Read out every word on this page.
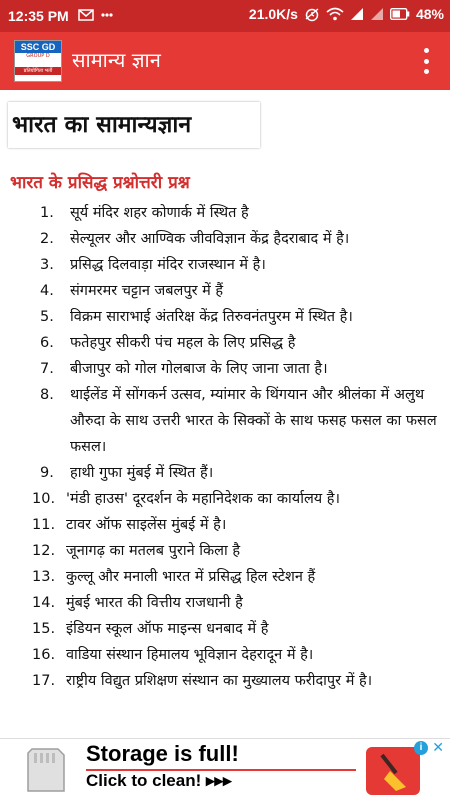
12:35 PM	21.0K/s	48%
SSC GD
GROUP D
प्रतियोगिता भर्ती सामान्य ज्ञान
भारत का सामान्यज्ञान
भारत के प्रसिद्ध प्रश्नोत्तरी प्रश्न
1. सूर्य मंदिर शहर कोणार्क में स्थित है
2. सेल्यूलर और आण्विक जीवविज्ञान केंद्र हैदराबाद में है।
3. प्रसिद्ध दिलवाड़ा मंदिर राजस्थान में है।
4. संगमरमर चट्टान जबलपुर में हैं
5. विक्रम साराभाई अंतरिक्ष केंद्र तिरुवनंतपुरम में स्थित है।
6. फतेहपुर सीकरी पंच महल के लिए प्रसिद्ध है
7. बीजापुर को गोल गोलबाज के लिए जाना जाता है।
8. थाईलेंड में सोंगकर्न उत्सव, म्यांमार के थिंगयान और श्रीलंका में अलुथ औरुदा के साथ उत्तरी भारत के सिक्कों के साथ फसह फसल का फसल फसल।
9. हाथी गुफा मुंबई में स्थित हैं।
10. 'मंडी हाउस' दूरदर्शन के महानिदेशक का कार्यालय है।
11. टावर ऑफ साइलेंस मुंबई में है।
12. जूनागढ़ का मतलब पुराने किला है
13. कुल्लू और मनाली भारत में प्रसिद्ध हिल स्टेशन हैं
14. मुंबई भारत की वित्तीय राजधानी है
15. इंडियन स्कूल ऑफ माइन्स धनबाद में है
16. वाडिया संस्थान हिमालय भूविज्ञान देहरादून में है।
17. राष्ट्रीय विद्युत प्रशिक्षण संस्थान का मुख्यालय फरीदापुर में है।
Storage is full!
Click to clean! ▸▸▸
i ✕
